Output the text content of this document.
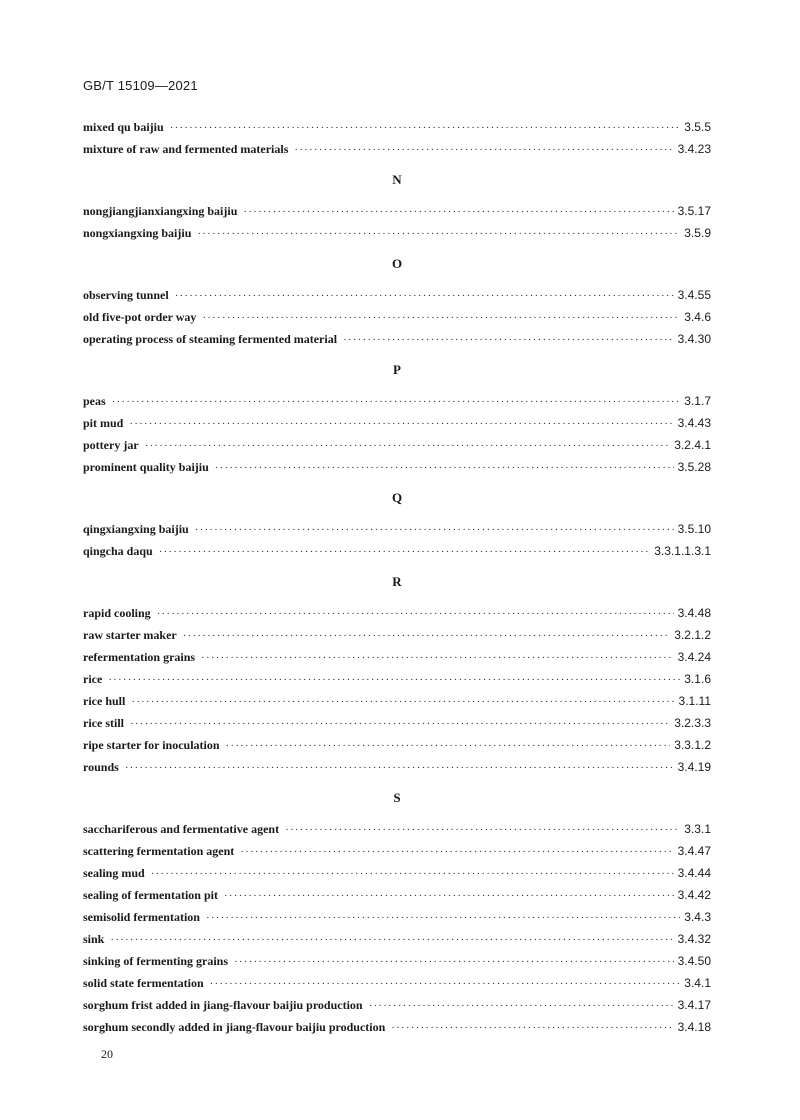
GB/T 15109—2021
mixed qu baijiu ·····	3.5.5
mixture of raw and fermented materials ·····	3.4.23
N
nongjiangjianxiangxing baijiu ·····	3.5.17
nongxiangxing baijiu ·····	3.5.9
O
observing tunnel ·····	3.4.55
old five-pot order way ·····	3.4.6
operating process of steaming fermented material ·····	3.4.30
P
peas ·····	3.1.7
pit mud ·····	3.4.43
pottery jar ·····	3.2.4.1
prominent quality baijiu ·····	3.5.28
Q
qingxiangxing baijiu ·····	3.5.10
qingcha daqu ·····	3.3.1.1.3.1
R
rapid cooling ·····	3.4.48
raw starter maker ·····	3.2.1.2
refermentation grains ·····	3.4.24
rice ·····	3.1.6
rice hull ·····	3.1.11
rice still ·····	3.2.3.3
ripe starter for inoculation ·····	3.3.1.2
rounds ·····	3.4.19
S
sacchariferous and fermentative agent ·····	3.3.1
scattering fermentation agent ·····	3.4.47
sealing mud ·····	3.4.44
sealing of fermentation pit ·····	3.4.42
semisolid fermentation ·····	3.4.3
sink ·····	3.4.32
sinking of fermenting grains ·····	3.4.50
solid state fermentation ·····	3.4.1
sorghum frist added in jiang-flavour baijiu production ·····	3.4.17
sorghum secondly added in jiang-flavour baijiu production ·····	3.4.18
20
